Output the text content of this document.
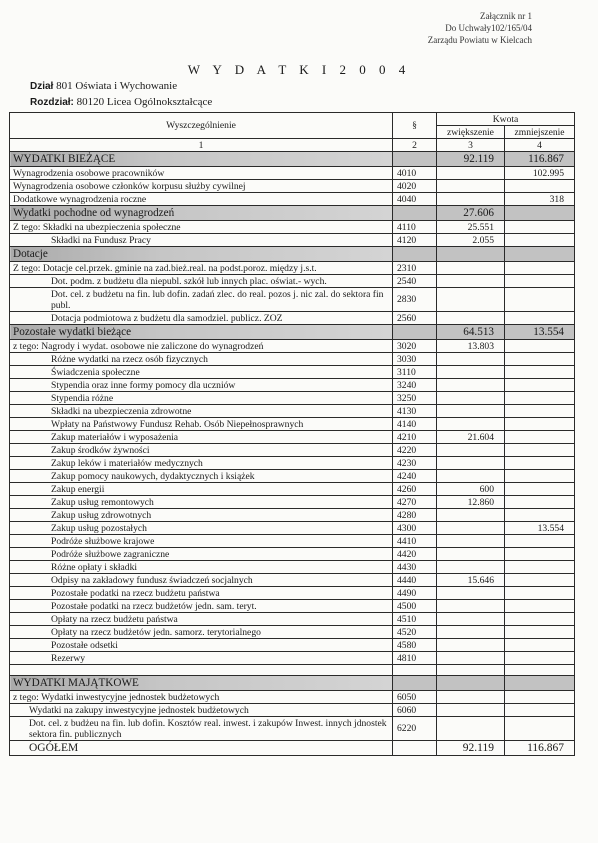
Załącznik nr 1
Do Uchwały102/165/04
Zarządu Powiatu w Kielcach
W Y D A T K I 2 0 0 4
Dział 801 Oświata i Wychowanie
Rozdział: 80120 Licea Ogólnokształcące
Wyszczególnienie	§	Kwota	
		zwiększenie	zmniejszenie
1	2	3	4
WYDATKI BIEŻĄCE		92.119	116.867
Wynagrodzenia osobowe pracowników	4010		102.995
Wynagrodzenia osobowe członków korpusu służby cywilnej	4020		
Dodatkowe wynagrodzenia roczne	4040		318
Wydatki pochodne od wynagrodzeń		27.606	
Z tego: Składki na ubezpieczenia społeczne	4110	25.551	
Składki na Fundusz Pracy	4120	2.055	
Dotacje			
Z tego: Dotacje cel.przek. gminie na zad.bież.real. na podst.poroz. między j.s.t.	2310		
Dot. podm. z budżetu dla niepubl. szkół lub innych plac. oświat.- wych.	2540		
Dot. cel. z budżetu na fin. lub dofin. zadań zlec. do real. pozos j. nic zal. do sektora fin publ.	2830		
Dotacja podmiotowa z budżetu dla samodziel. publicz. ZOZ	2560		
Pozostałe wydatki bieżące		64.513	13.554
z tego: Nagrody i wydat. osobowe nie zaliczone do wynagrodzeń	3020	13.803	
Różne wydatki na rzecz osób fizycznych	3030		
Świadczenia społeczne	3110		
Stypendia oraz inne formy pomocy dla uczniów	3240		
Stypendia różne	3250		
Składki na ubezpieczenia zdrowotne	4130		
Wpłaty na Państwowy Fundusz Rehab. Osób Niepełnosprawnych	4140		
Zakup materiałów i wyposażenia	4210	21.604	
Zakup środków żywności	4220		
Zakup leków i materiałów medycznych	4230		
Zakup pomocy naukowych, dydaktycznych i książek	4240		
Zakup energii	4260	600	
Zakup usług remontowych	4270	12.860	
Zakup usług zdrowotnych	4280		
Zakup usług pozostałych	4300		13.554
Podróże służbowe krajowe	4410		
Podróże służbowe zagraniczne	4420		
Różne opłaty i składki	4430		
Odpisy na zakładowy fundusz świadczeń socjalnych	4440	15.646	
Pozostałe podatki na rzecz budżetu państwa	4490		
Pozostałe podatki na rzecz budżetów jedn. sam. teryt.	4500		
Opłaty na rzecz budżetu państwa	4510		
Opłaty na rzecz budżetów jedn. samorz. terytorialnego	4520		
Pozostałe odsetki	4580		
Rezerwy	4810		

WYDATKI MAJĄTKOWE			
z tego: Wydatki inwestycyjne jednostek budżetowych	6050		
Wydatki na zakupy inwestycyjne jednostek budżetowych	6060		
Dot. cel. z budżeu na fin. lub dofin. Kosztów real. inwest. i zakupów Inwest. innych jdnostek sektora fin. publicznych	6220		
OGÓŁEM		92.119	116.867
